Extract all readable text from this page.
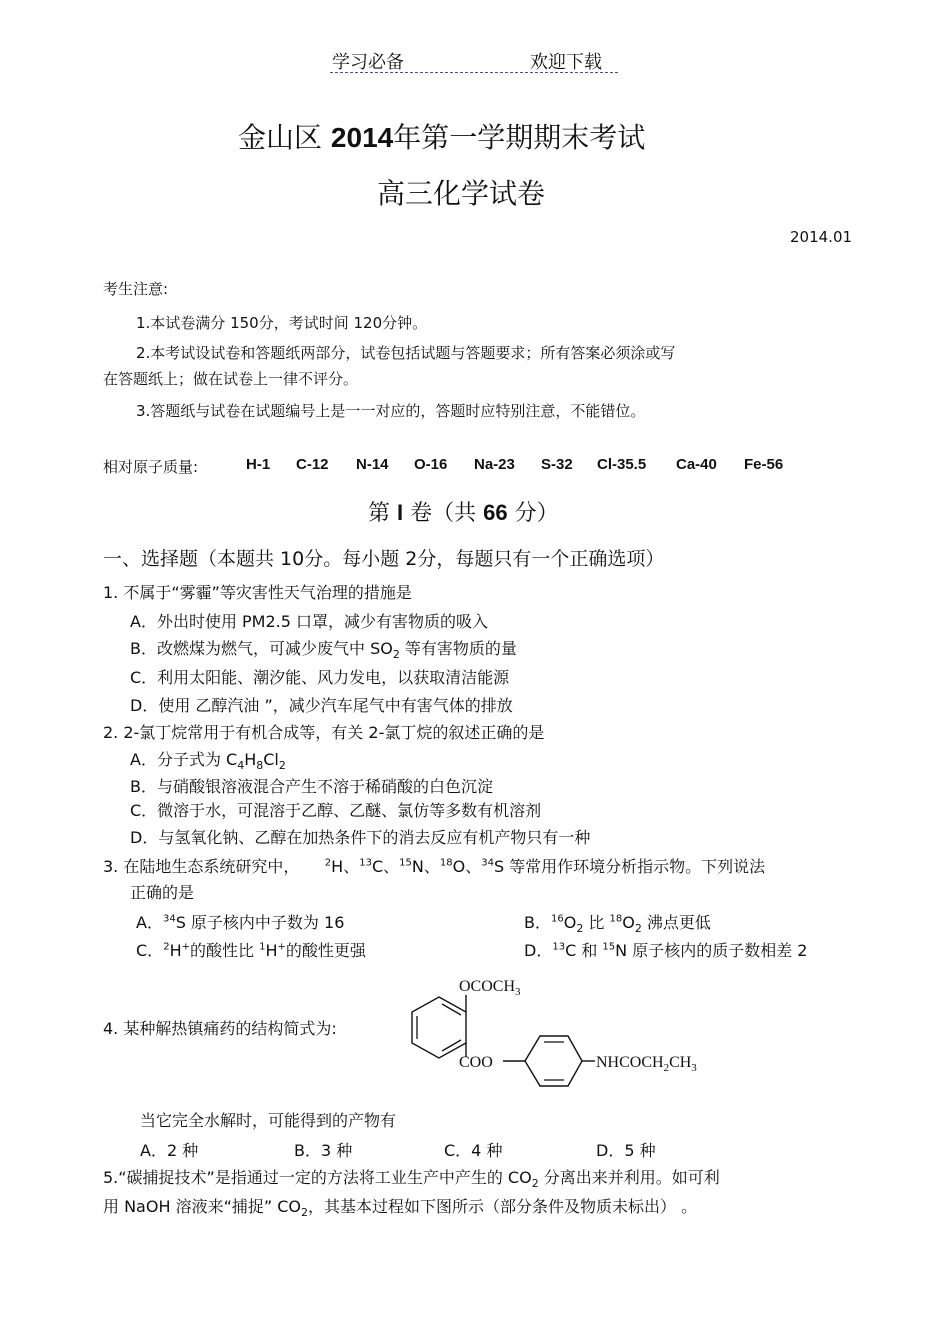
学习必备	欢迎下载
金山区 2014年第一学期期末考试
高三化学试卷
2014.01
考生注意:
1.本试卷满分 150分，考试时间 120分钟。
2.本考试设试卷和答题纸两部分，试卷包括试题与答题要求；所有答案必须涂或写
在答题纸上；做在试卷上一律不评分。
3.答题纸与试卷在试题编号上是一一对应的，答题时应特别注意，不能错位。
相对原子质量:	H-1 C-12 N-14 O-16 Na-23 S-32 Cl-35.5 Ca-40 Fe-56
第 I 卷（共 66 分）
一、选择题（本题共 10分。每小题 2分，每题只有一个正确选项）
1. 不属于“雾霾”等灾害性天气治理的措施是
A．外出时使用 PM2.5 口罩，减少有害物质的吸入
B．改燃煤为燃气，可减少废气中 $SO_2$ 等有害物质的量
C．利用太阳能、潮汐能、风力发电，以获取清洁能源
D．使用 乙醇汽油 ”，减少汽车尾气中有害气体的排放
2. 2-氯丁烷常用于有机合成等，有关 2-氯丁烷的叙述正确的是
A．分子式为 $C_4H_8Cl_2$
B．与硝酸银溶液混合产生不溶于稀硝酸的白色沉淀
C．微溶于水，可混溶于乙醇、乙醚、氯仿等多数有机溶剂
D．与氢氧化钠、乙醇在加热条件下的消去反应有机产物只有一种
3. 在陆地生态系统研究中，	$^2$H、$^{13}$C、$^{15}$N、$^{18}$O、$^{34}$S 等常用作环境分析指示物。下列说法
正确的是
A．$^{34}$S 原子核内中子数为 16	B．$^{16}O_2$ 比 $^{18}O_2$ 沸点更低
C．$^2$H+的酸性比 $^1$H+的酸性更强	D．$^{13}$C 和 $^{15}$N 原子核内的质子数相差 2
4. 某种解热镇痛药的结构简式为:
$OCOCH_3$
COO	$NHCOCH_2CH_3$
当它完全水解时，可能得到的产物有
A．2 种	B．3 种	C．4 种	D．5 种
5.“碳捕捉技术”是指通过一定的方法将工业生产中产生的 $CO_2$ 分离出来并利用。如可利
用 NaOH 溶液来“捕捉” $CO_2$，其基本过程如下图所示（部分条件及物质未标出） 。
